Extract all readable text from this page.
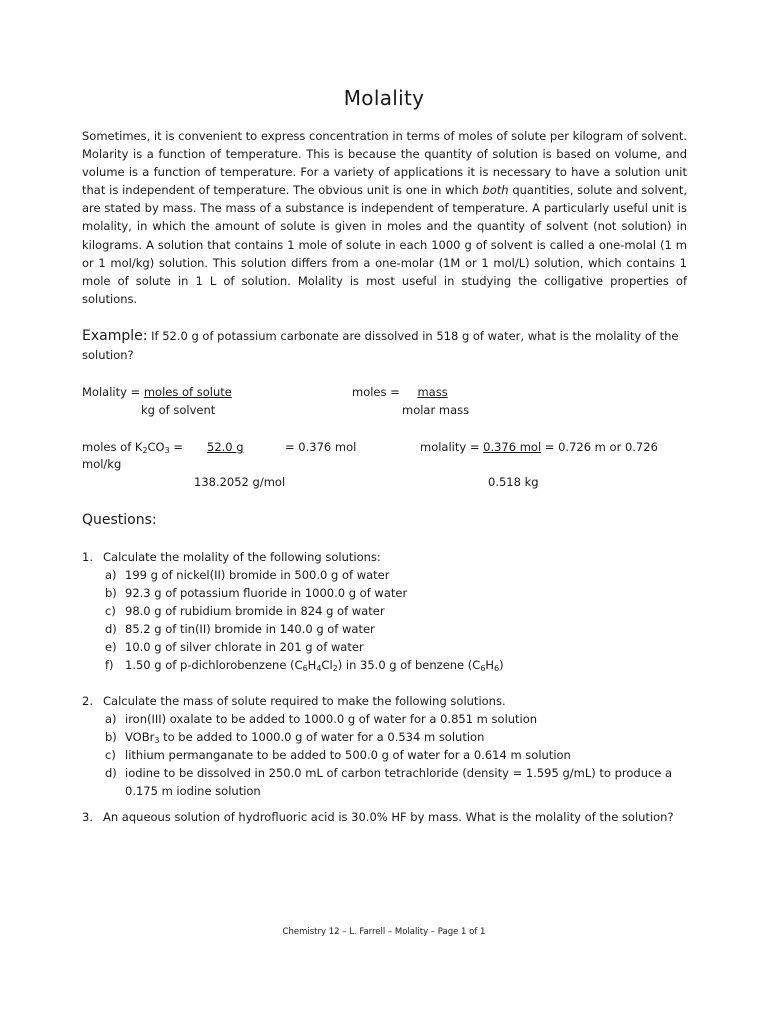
Molality

Sometimes, it is convenient to express concentration in terms of moles of solute per kilogram of solvent. Molarity is a function of temperature. This is because the quantity of solution is based on volume, and volume is a function of temperature. For a variety of applications it is necessary to have a solution unit that is independent of temperature. The obvious unit is one in which both quantities, solute and solvent, are stated by mass. The mass of a substance is independent of temperature. A particularly useful unit is molality, in which the amount of solute is given in moles and the quantity of solvent (not solution) in kilograms. A solution that contains 1 mole of solute in each 1000 g of solvent is called a one-molal (1 m or 1 mol/kg) solution. This solution differs from a one-molar (1M or 1 mol/L) solution, which contains 1 mole of solute in 1 L of solution. Molality is most useful in studying the colligative properties of solutions.

Example: If 52.0 g of potassium carbonate are dissolved in 518 g of water, what is the molality of the solution?

Molality = moles of solute
kg of solvent
moles = mass
molar mass
moles of $K_2CO_3 = 52.0$ g	= 0.376 mol
138.2052 g/mol
molality = 0.376 mol = 0.726 m or 0.726
mol/kg
0.518 kg
Questions:
1. Calculate the molality of the following solutions:
a) 199 g of nickel(II) bromide in 500.0 g of water
b) 92.3 g of potassium fluoride in 1000.0 g of water
c) 98.0 g of rubidium bromide in 824 g of water
d) 85.2 g of tin(II) bromide in 140.0 g of water
e) 10.0 g of silver chlorate in 201 g of water
f) 1.50 g of p-dichlorobenzene $(C_6H_4Cl_2)$ in 35.0 g of benzene $(C_6H_6)$
2. Calculate the mass of solute required to make the following solutions.
a) iron(III) oxalate to be added to 1000.0 g of water for a 0.851 m solution
b) VOBr$_3$ to be added to 1000.0 g of water for a 0.534 m solution
c) lithium permanganate to be added to 500.0 g of water for a 0.614 m solution
d) iodine to be dissolved in 250.0 mL of carbon tetrachloride (density = 1.595 g/mL) to produce a 0.175 m iodine solution
3. An aqueous solution of hydrofluoric acid is 30.0% HF by mass. What is the molality of the solution?
Chemistry 12 – L. Farrell – Molality – Page 1 of 1
